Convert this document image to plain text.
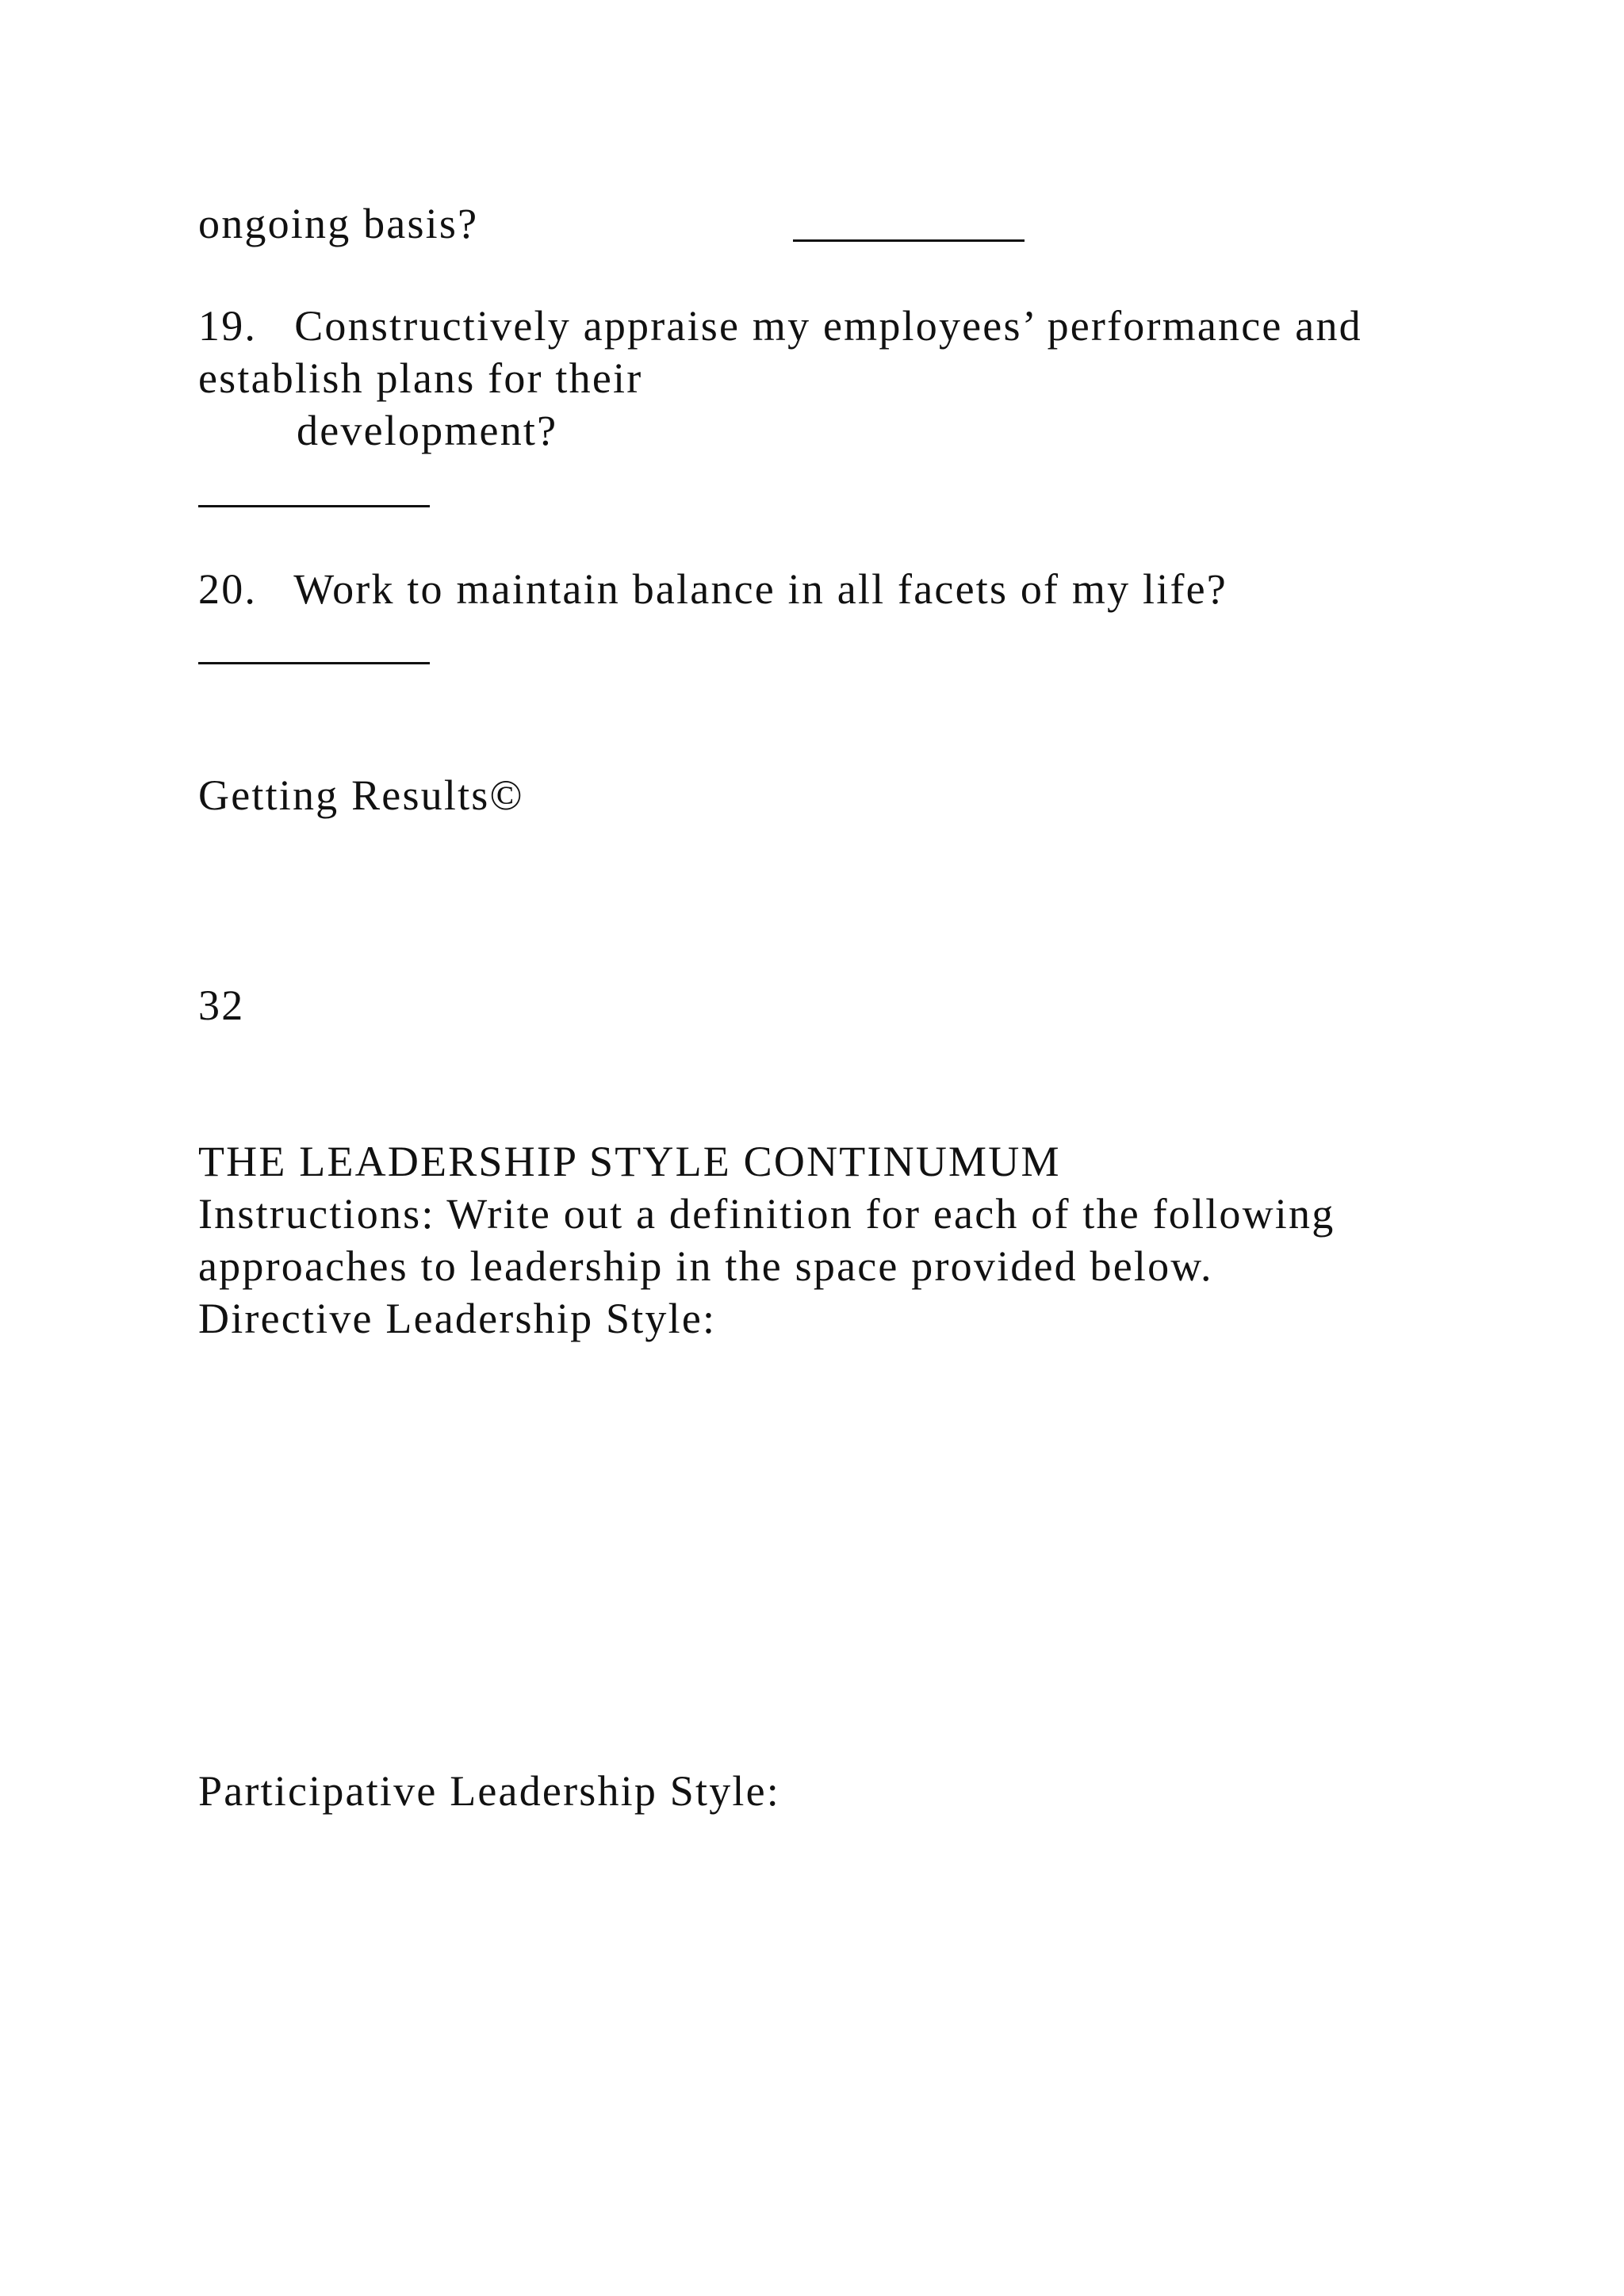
ongoing basis?
19.   Constructively appraise my employees’ performance and
establish plans for their
development?
20.   Work to maintain balance in all facets of my life?
Getting Results©
32
THE LEADERSHIP STYLE CONTINUMUM
Instructions: Write out a definition for each of the following
approaches to leadership in the space provided below.
Directive Leadership Style:
Participative Leadership Style:
